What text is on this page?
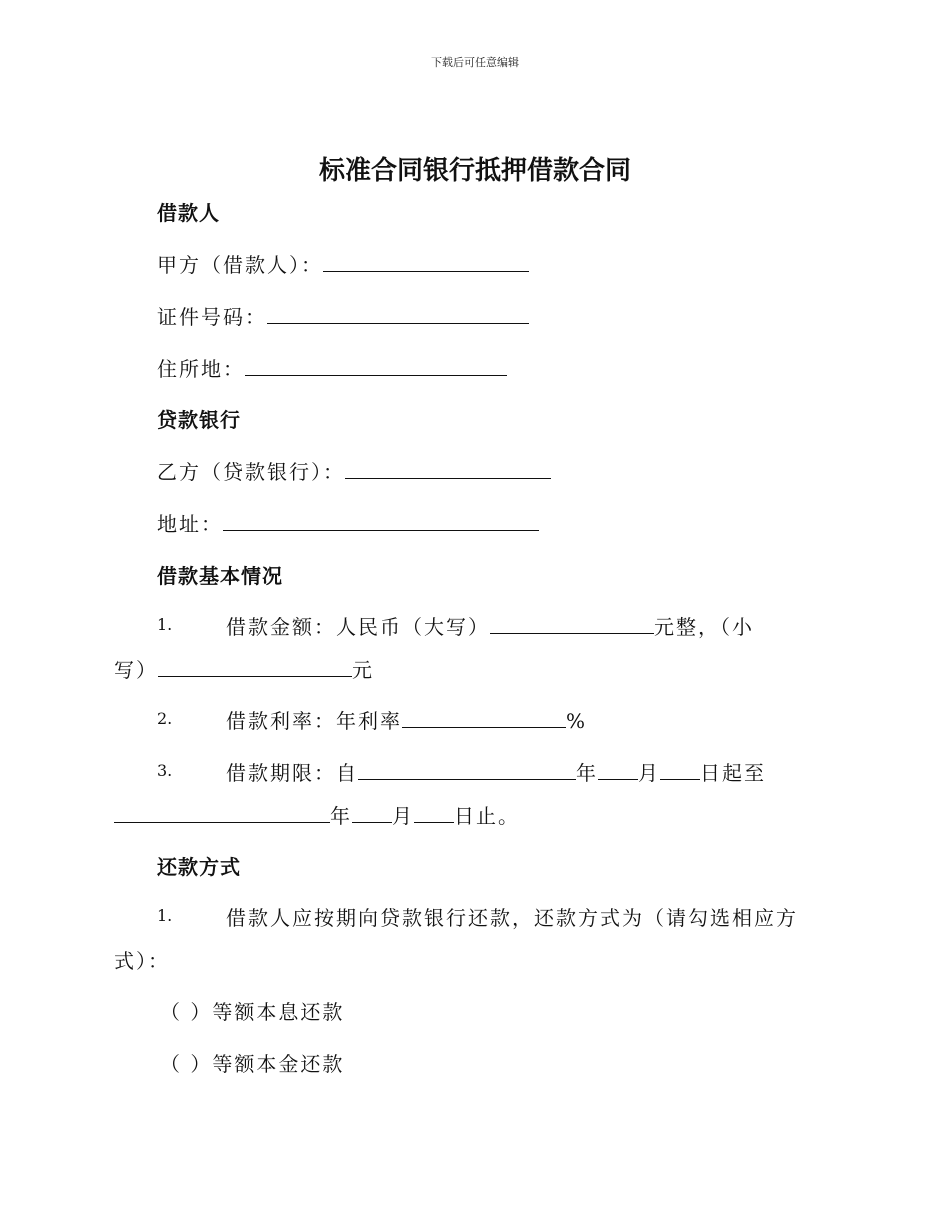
下载后可任意编辑
标准合同银行抵押借款合同
借款人
甲方（借款人）：
证件号码：
住所地：
贷款银行
乙方（贷款银行）：
地址：
借款基本情况
1.	借款金额：人民币（大写）	元整，（小
写）	元
2.	借款利率：年利率	%
3.	借款期限：自	年 月 日起至
年 月 日止。
还款方式
1.	借款人应按期向贷款银行还款，还款方式为（请勾选相应方
式）：
（ ）等额本息还款
（ ）等额本金还款
